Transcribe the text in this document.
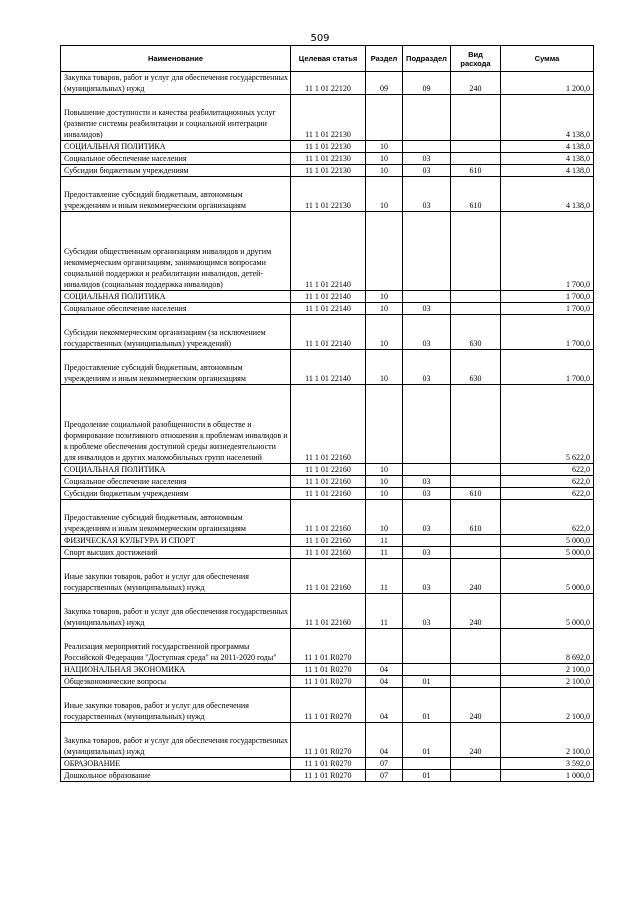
509
Наименование	Целевая статья	Раздел	Подраздел	Вид расхода	Сумма
Закупка товаров, работ и услуг для обеспечения государственных (муниципальных) нужд	11 1 01 22120	09	09	240	1 200,0
Повышение доступности и качества реабилитационных услуг (развитие системы реабилитации и социальной интеграции инвалидов)	11 1 01 22130				4 138,0
СОЦИАЛЬНАЯ ПОЛИТИКА	11 1 01 22130	10			4 138,0
Социальное обеспечение населения	11 1 01 22130	10	03		4 138,0
Субсидии бюджетным учреждениям	11 1 01 22130	10	03	610	4 138,0
Предоставление субсидий бюджетным, автономным учреждениям и иным некоммерческим организациям	11 1 01 22130	10	03	610	4 138,0
Субсидии общественным организациям инвалидов и другим некоммерческим организациям, занимающимся вопросами социальной поддержки и реабилитации инвалидов, детей-инвалидов (социальная поддержка инвалидов)	11 1 01 22140				1 700,0
СОЦИАЛЬНАЯ ПОЛИТИКА	11 1 01 22140	10			1 700,0
Социальное обеспечение населения	11 1 01 22140	10	03		1 700,0
Субсидии некоммерческим организациям (за исключением государственных (муниципальных) учреждений)	11 1 01 22140	10	03	630	1 700,0
Предоставление субсидий бюджетным, автономным учреждениям и иным некоммерческим организациям	11 1 01 22140	10	03	630	1 700,0
Преодоление социальной разобщенности в обществе и формирование позитивного отношения к проблемам инвалидов и к проблеме обеспечения доступной среды жизнедеятельности для инвалидов и других маломобильных групп населений	11 1 01 22160				5 622,0
СОЦИАЛЬНАЯ ПОЛИТИКА	11 1 01 22160	10			622,0
Социальное обеспечение населения	11 1 01 22160	10	03		622,0
Субсидии бюджетным учреждениям	11 1 01 22160	10	03	610	622,0
Предоставление субсидий бюджетным, автономным учреждениям и иным некоммерческим организациям	11 1 01 22160	10	03	610	622,0
ФИЗИЧЕСКАЯ КУЛЬТУРА И СПОРТ	11 1 01 22160	11			5 000,0
Спорт высших достижений	11 1 01 22160	11	03		5 000,0
Иные закупки товаров, работ и услуг для обеспечения государственных (муниципальных) нужд	11 1 01 22160	11	03	240	5 000,0
Закупка товаров, работ и услуг для обеспечения государственных (муниципальных) нужд	11 1 01 22160	11	03	240	5 000,0
Реализация мероприятий государственной программы Российской Федерации "Доступная среда" на 2011-2020 годы"	11 1 01 R0270				8 692,0
НАЦИОНАЛЬНАЯ ЭКОНОМИКА	11 1 01 R0270	04			2 100,0
Общеэкономические вопросы	11 1 01 R0270	04	01		2 100,0
Иные закупки товаров, работ и услуг для обеспечения государственных (муниципальных) нужд	11 1 01 R0270	04	01	240	2 100,0
Закупка товаров, работ и услуг для обеспечения государственных (муниципальных) нужд	11 1 01 R0270	04	01	240	2 100,0
ОБРАЗОВАНИЕ	11 1 01 R0270	07			3 592,0
Дошкольное образование	11 1 01 R0270	07	01		1 000,0
